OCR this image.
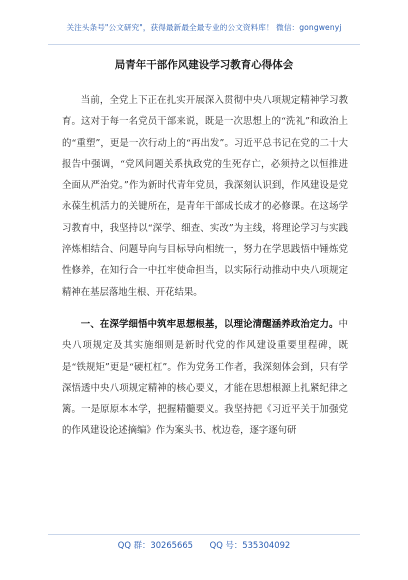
关注头条号"公文研究"，获得最新最全最专业的公文资料库！ 微信：gongwenyj
局青年干部作风建设学习教育心得体会

当前，全党上下正在扎实开展深入贯彻中央八项规定精神学习教育。这对于每一名党员干部来说，既是一次思想上的“洗礼”和政治上的“重塑”，更是一次行动上的“再出发”。习近平总书记在党的二十大报告中强调，“党风问题关系执政党的生死存亡，必须持之以恒推进全面从严治党。”作为新时代青年党员，我深刻认识到，作风建设是党永葆生机活力的关键所在，是青年干部成长成才的必修课。在这场学习教育中，我坚持以“深学、细查、实改”为主线，将理论学习与实践淬炼相结合、问题导向与目标导向相统一，努力在学思践悟中锤炼党性修养，在知行合一中扛牢使命担当，以实际行动推动中央八项规定精神在基层落地生根、开花结果。

一、在深学细悟中筑牢思想根基，以理论清醒涵养政治定力。中央八项规定及其实施细则是新时代党的作风建设重要里程碑，既是“铁规矩”更是“硬杠杠”。作为党务工作者，我深刻体会到，只有学深悟透中央八项规定精神的核心要义，才能在思想根源上扎紧纪律之篱。一是原原本本学，把握精髓要义。我坚持把《习近平关于加强党的作风建设论述摘编》作为案头书、枕边卷，逐字逐句研

QQ 群：30265665 QQ 号：535304092
